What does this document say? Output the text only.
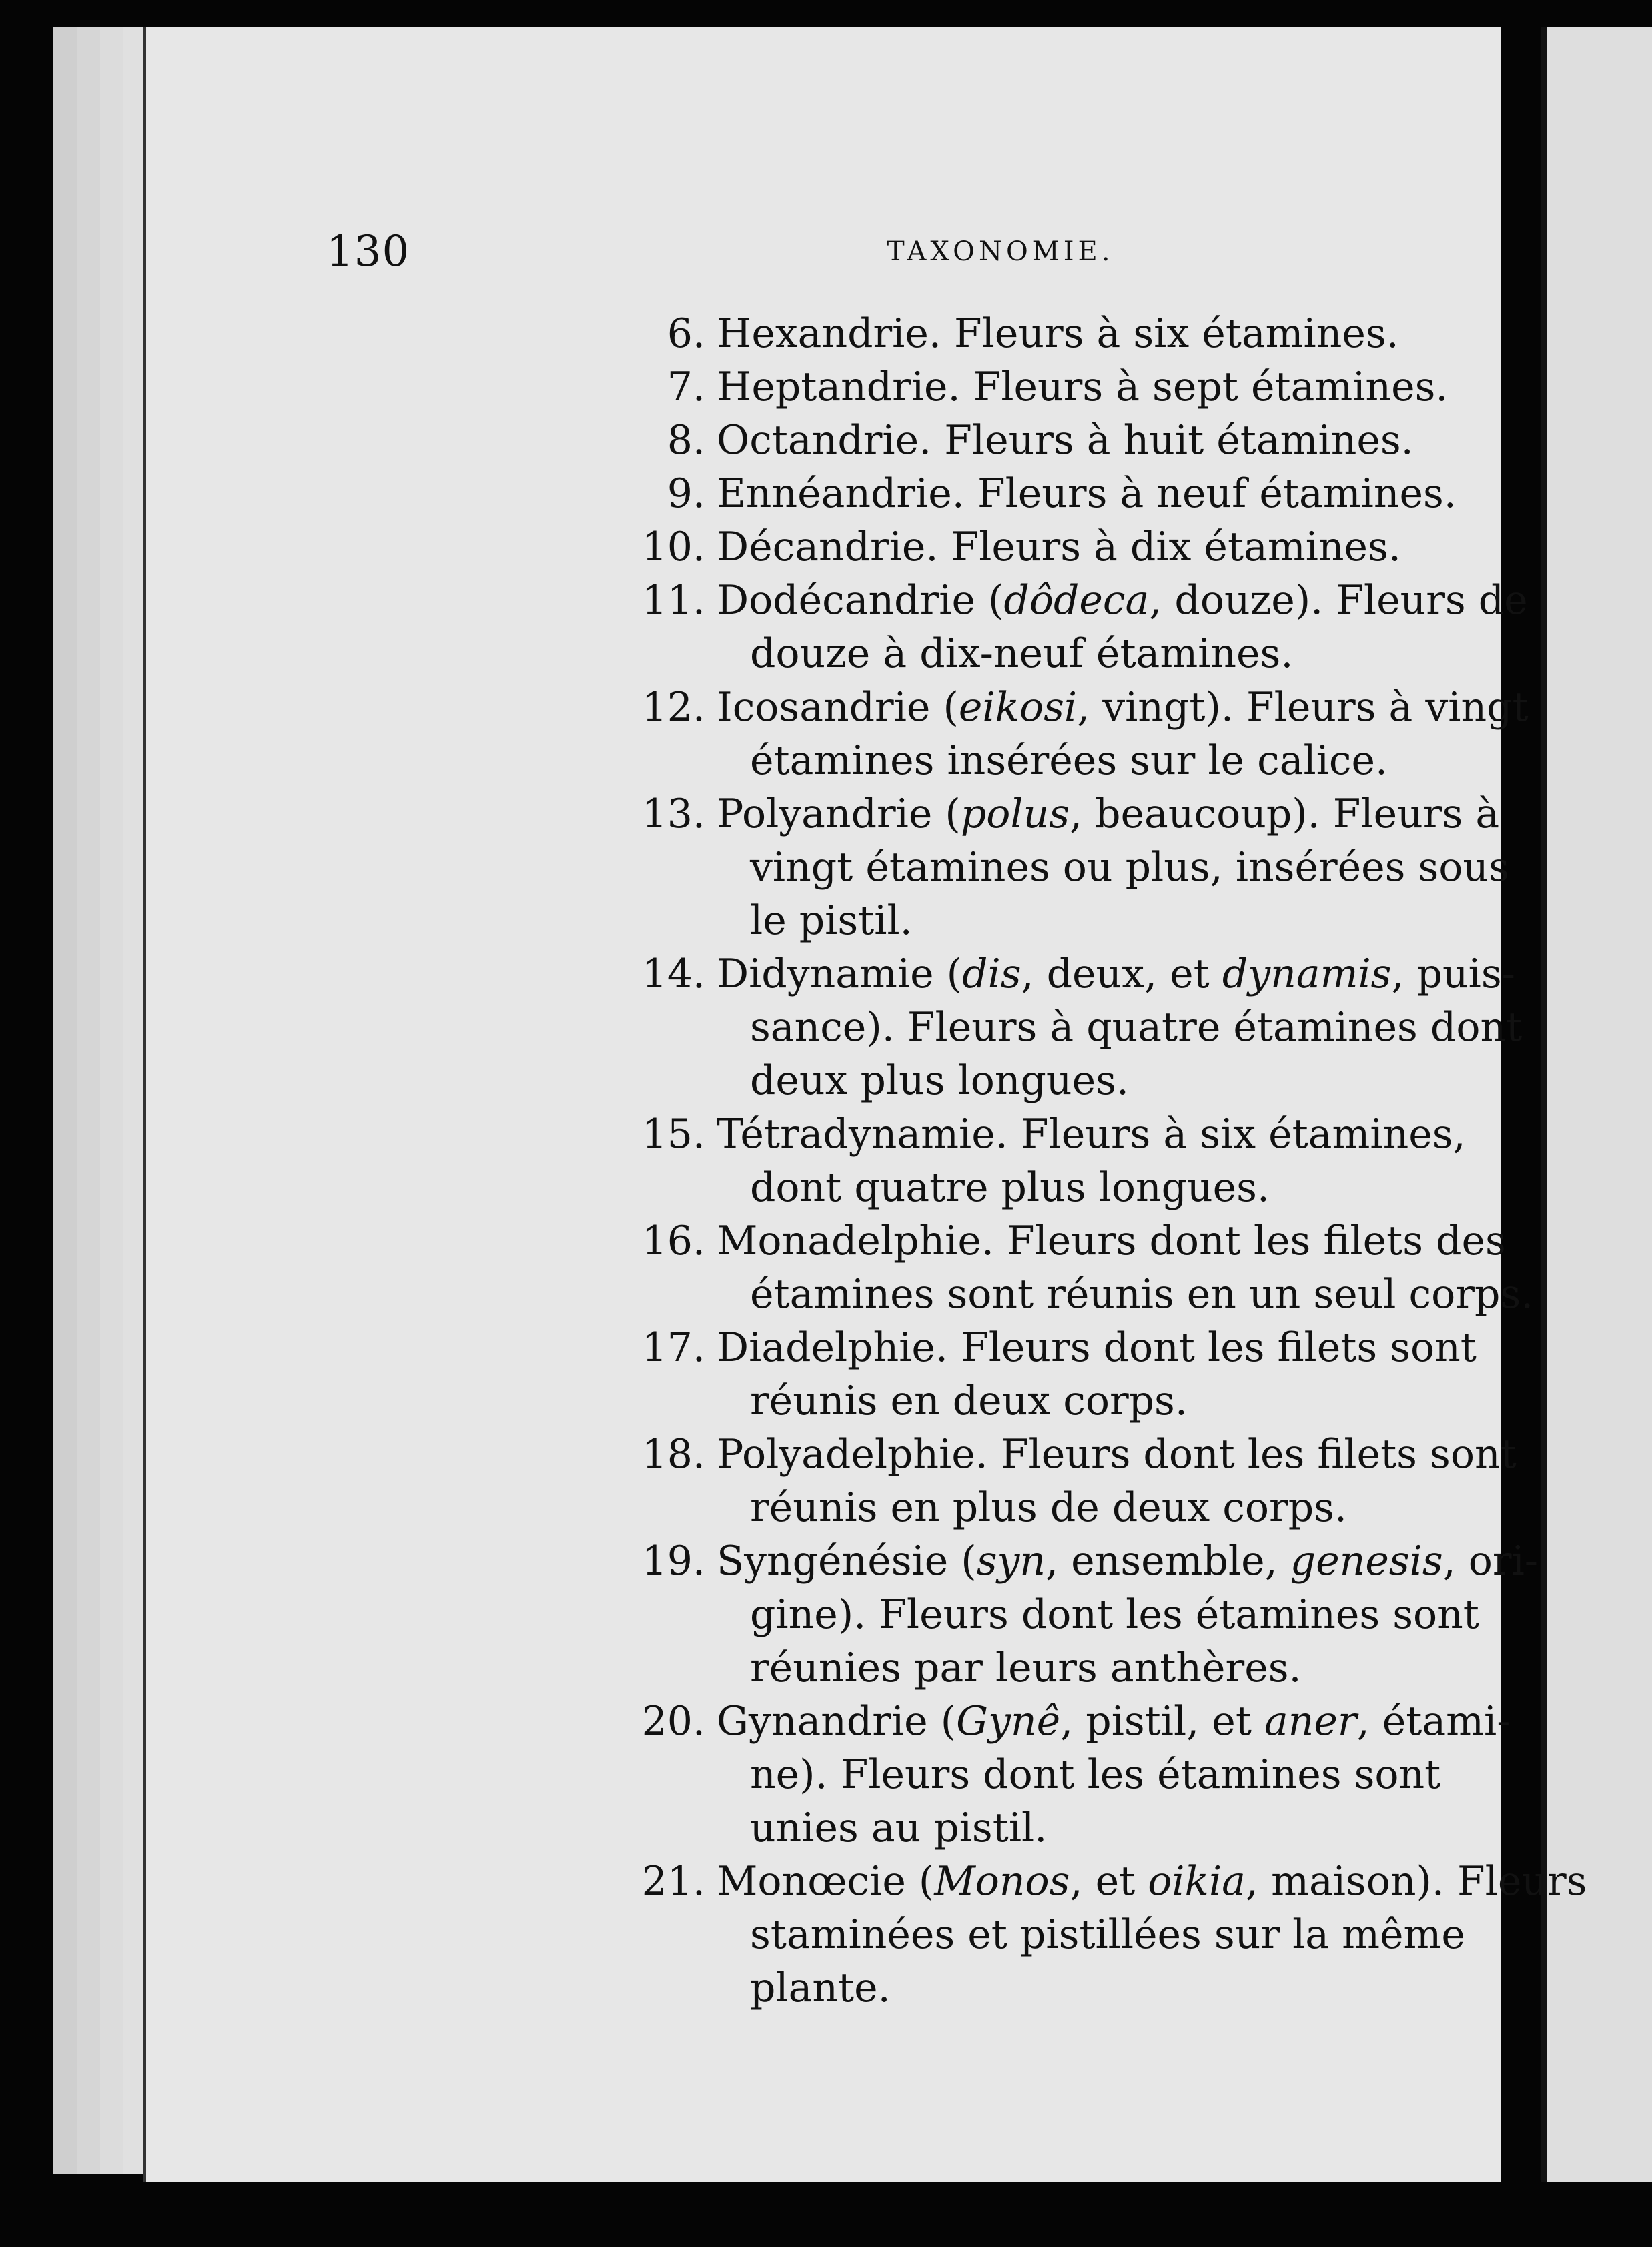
130	TAXONOMIE.
6. Hexandrie. Fleurs à six étamines.
7. Heptandrie. Fleurs à sept étamines.
8. Octandrie. Fleurs à huit étamines.
9. Ennéandrie. Fleurs à neuf étamines.
10. Décandrie. Fleurs à dix étamines.
11. Dodécandrie (dôdeca, douze). Fleurs de
douze à dix-neuf étamines.
12. Icosandrie (eikosi, vingt). Fleurs à vingt
étamines insérées sur le calice.
13. Polyandrie (polus, beaucoup). Fleurs à
vingt étamines ou plus, insérées sous
le pistil.
14. Didynamie (dis, deux, et dynamis, puis-
sance). Fleurs à quatre étamines dont
deux plus longues.
15. Tétradynamie. Fleurs à six étamines,
dont quatre plus longues.
16. Monadelphie. Fleurs dont les filets des
étamines sont réunis en un seul corps.
17. Diadelphie. Fleurs dont les filets sont
réunis en deux corps.
18. Polyadelphie. Fleurs dont les filets sont
réunis en plus de deux corps.
19. Syngénésie (syn, ensemble, genesis, ori-
gine). Fleurs dont les étamines sont
réunies par leurs anthères.
20. Gynandrie (Gynê, pistil, et aner, étami-
ne). Fleurs dont les étamines sont
unies au pistil.
21. Monœcie (Monos, et oikia, maison). Fleurs
staminées et pistillées sur la même
plante.
